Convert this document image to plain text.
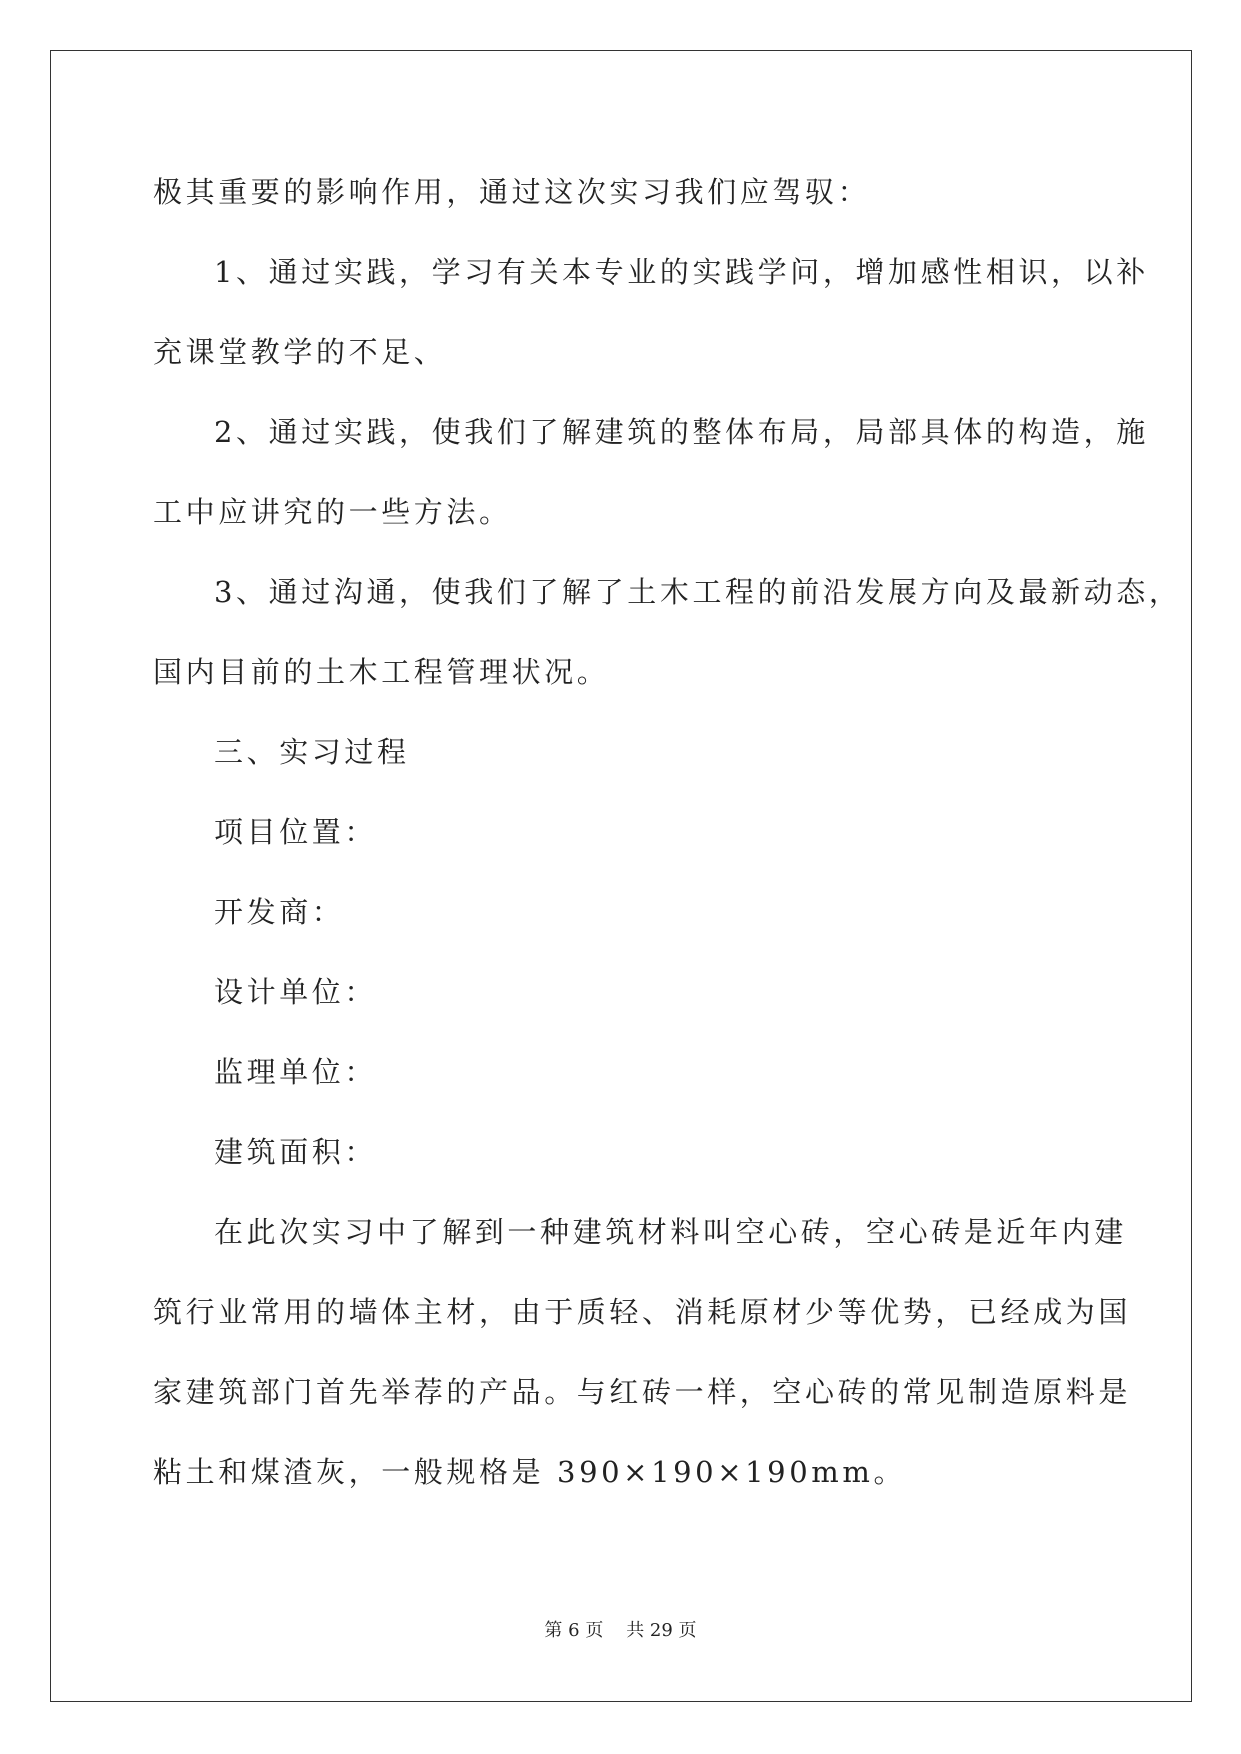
极其重要的影响作用，通过这次实习我们应驾驭：
1、通过实践，学习有关本专业的实践学问，增加感性相识，以补
充课堂教学的不足、
2、通过实践，使我们了解建筑的整体布局，局部具体的构造，施
工中应讲究的一些方法。
3、通过沟通，使我们了解了土木工程的前沿发展方向及最新动态，
国内目前的土木工程管理状况。
三、实习过程
项目位置：
开发商：
设计单位：
监理单位：
建筑面积：
在此次实习中了解到一种建筑材料叫空心砖，空心砖是近年内建
筑行业常用的墙体主材，由于质轻、消耗原材少等优势，已经成为国
家建筑部门首先举荐的产品。与红砖一样，空心砖的常见制造原料是
粘土和煤渣灰，一般规格是 390×190×190mm。
第 6 页    共 29 页
